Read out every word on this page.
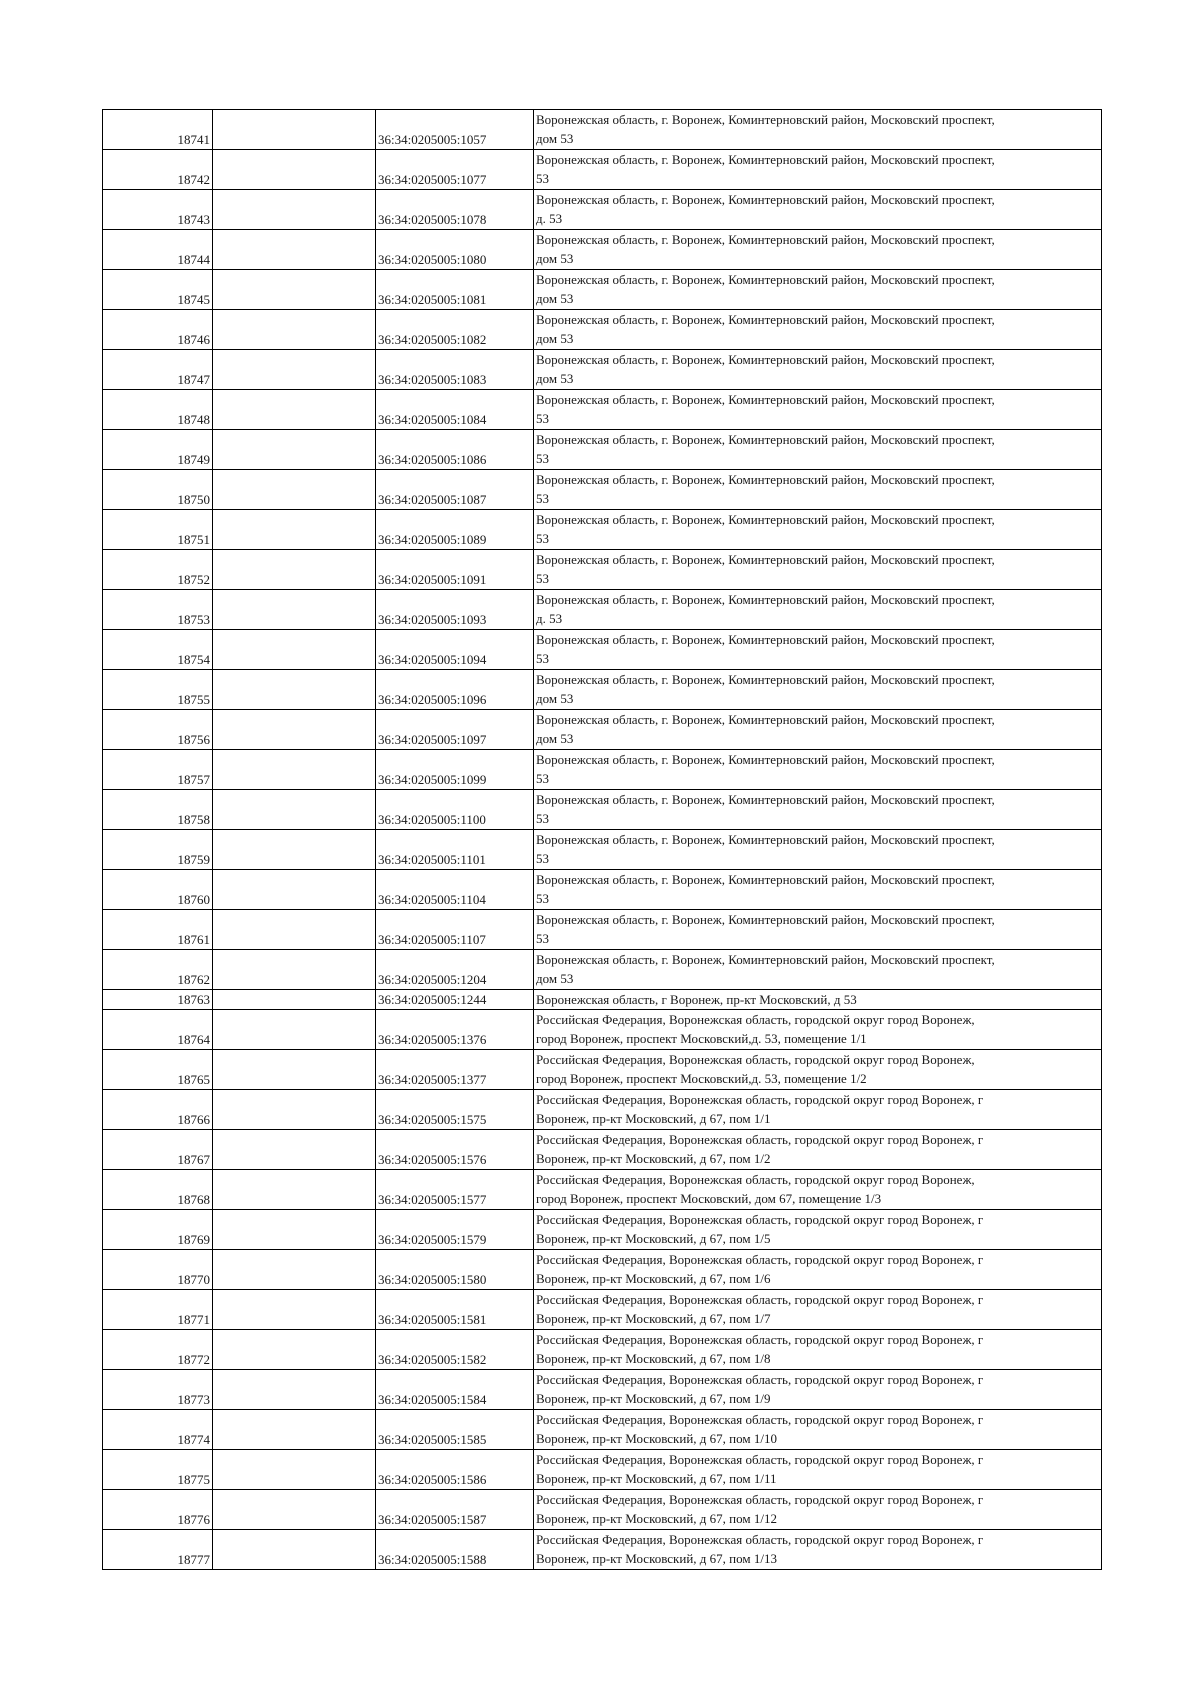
18741		36:34:0205005:1057	Воронежская область, г. Воронеж, Коминтерновский район, Московский проспект,
дом 53

18742		36:34:0205005:1077	Воронежская область, г. Воронеж, Коминтерновский район, Московский проспект,
53

18743		36:34:0205005:1078	Воронежская область, г. Воронеж, Коминтерновский район, Московский проспект,
д. 53

18744		36:34:0205005:1080	Воронежская область, г. Воронеж, Коминтерновский район, Московский проспект,
дом 53

18745		36:34:0205005:1081	Воронежская область, г. Воронеж, Коминтерновский район, Московский проспект,
дом 53

18746		36:34:0205005:1082	Воронежская область, г. Воронеж, Коминтерновский район, Московский проспект,
дом 53

18747		36:34:0205005:1083	Воронежская область, г. Воронеж, Коминтерновский район, Московский проспект,
дом 53

18748		36:34:0205005:1084	Воронежская область, г. Воронеж, Коминтерновский район, Московский проспект,
53

18749		36:34:0205005:1086	Воронежская область, г. Воронеж, Коминтерновский район, Московский проспект,
53

18750		36:34:0205005:1087	Воронежская область, г. Воронеж, Коминтерновский район, Московский проспект,
53

18751		36:34:0205005:1089	Воронежская область, г. Воронеж, Коминтерновский район, Московский проспект,
53

18752		36:34:0205005:1091	Воронежская область, г. Воронеж, Коминтерновский район, Московский проспект,
53

18753		36:34:0205005:1093	Воронежская область, г. Воронеж, Коминтерновский район, Московский проспект,
д. 53

18754		36:34:0205005:1094	Воронежская область, г. Воронеж, Коминтерновский район, Московский проспект,
53

18755		36:34:0205005:1096	Воронежская область, г. Воронеж, Коминтерновский район, Московский проспект,
дом 53

18756		36:34:0205005:1097	Воронежская область, г. Воронеж, Коминтерновский район, Московский проспект,
дом 53

18757		36:34:0205005:1099	Воронежская область, г. Воронеж, Коминтерновский район, Московский проспект,
53

18758		36:34:0205005:1100	Воронежская область, г. Воронеж, Коминтерновский район, Московский проспект,
53

18759		36:34:0205005:1101	Воронежская область, г. Воронеж, Коминтерновский район, Московский проспект,
53

18760		36:34:0205005:1104	Воронежская область, г. Воронеж, Коминтерновский район, Московский проспект,
53

18761		36:34:0205005:1107	Воронежская область, г. Воронеж, Коминтерновский район, Московский проспект,
53

18762		36:34:0205005:1204	Воронежская область, г. Воронеж, Коминтерновский район, Московский проспект,
дом 53

18763		36:34:0205005:1244	Воронежская область, г Воронеж, пр-кт Московский, д 53

18764		36:34:0205005:1376	Российская Федерация, Воронежская область, городской округ город Воронеж,
город Воронеж, проспект Московский,д. 53, помещение 1/1

18765		36:34:0205005:1377	Российская Федерация, Воронежская область, городской округ город Воронеж,
город Воронеж, проспект Московский,д. 53, помещение 1/2

18766		36:34:0205005:1575	Российская Федерация, Воронежская область, городской округ город Воронеж, г
Воронеж, пр-кт Московский, д 67, пом 1/1

18767		36:34:0205005:1576	Российская Федерация, Воронежская область, городской округ город Воронеж, г
Воронеж, пр-кт Московский, д 67, пом 1/2

18768		36:34:0205005:1577	Российская Федерация, Воронежская область, городской округ город Воронеж,
город Воронеж, проспект Московский, дом 67, помещение 1/3

18769		36:34:0205005:1579	Российская Федерация, Воронежская область, городской округ город Воронеж, г
Воронеж, пр-кт Московский, д 67, пом 1/5

18770		36:34:0205005:1580	Российская Федерация, Воронежская область, городской округ город Воронеж, г
Воронеж, пр-кт Московский, д 67, пом 1/6

18771		36:34:0205005:1581	Российская Федерация, Воронежская область, городской округ город Воронеж, г
Воронеж, пр-кт Московский, д 67, пом 1/7

18772		36:34:0205005:1582	Российская Федерация, Воронежская область, городской округ город Воронеж, г
Воронеж, пр-кт Московский, д 67, пом 1/8

18773		36:34:0205005:1584	Российская Федерация, Воронежская область, городской округ город Воронеж, г
Воронеж, пр-кт Московский, д 67, пом 1/9

18774		36:34:0205005:1585	Российская Федерация, Воронежская область, городской округ город Воронеж, г
Воронеж, пр-кт Московский, д 67, пом 1/10

18775		36:34:0205005:1586	Российская Федерация, Воронежская область, городской округ город Воронеж, г
Воронеж, пр-кт Московский, д 67, пом 1/11

18776		36:34:0205005:1587	Российская Федерация, Воронежская область, городской округ город Воронеж, г
Воронеж, пр-кт Московский, д 67, пом 1/12

18777		36:34:0205005:1588	Российская Федерация, Воронежская область, городской округ город Воронеж, г
Воронеж, пр-кт Московский, д 67, пом 1/13
